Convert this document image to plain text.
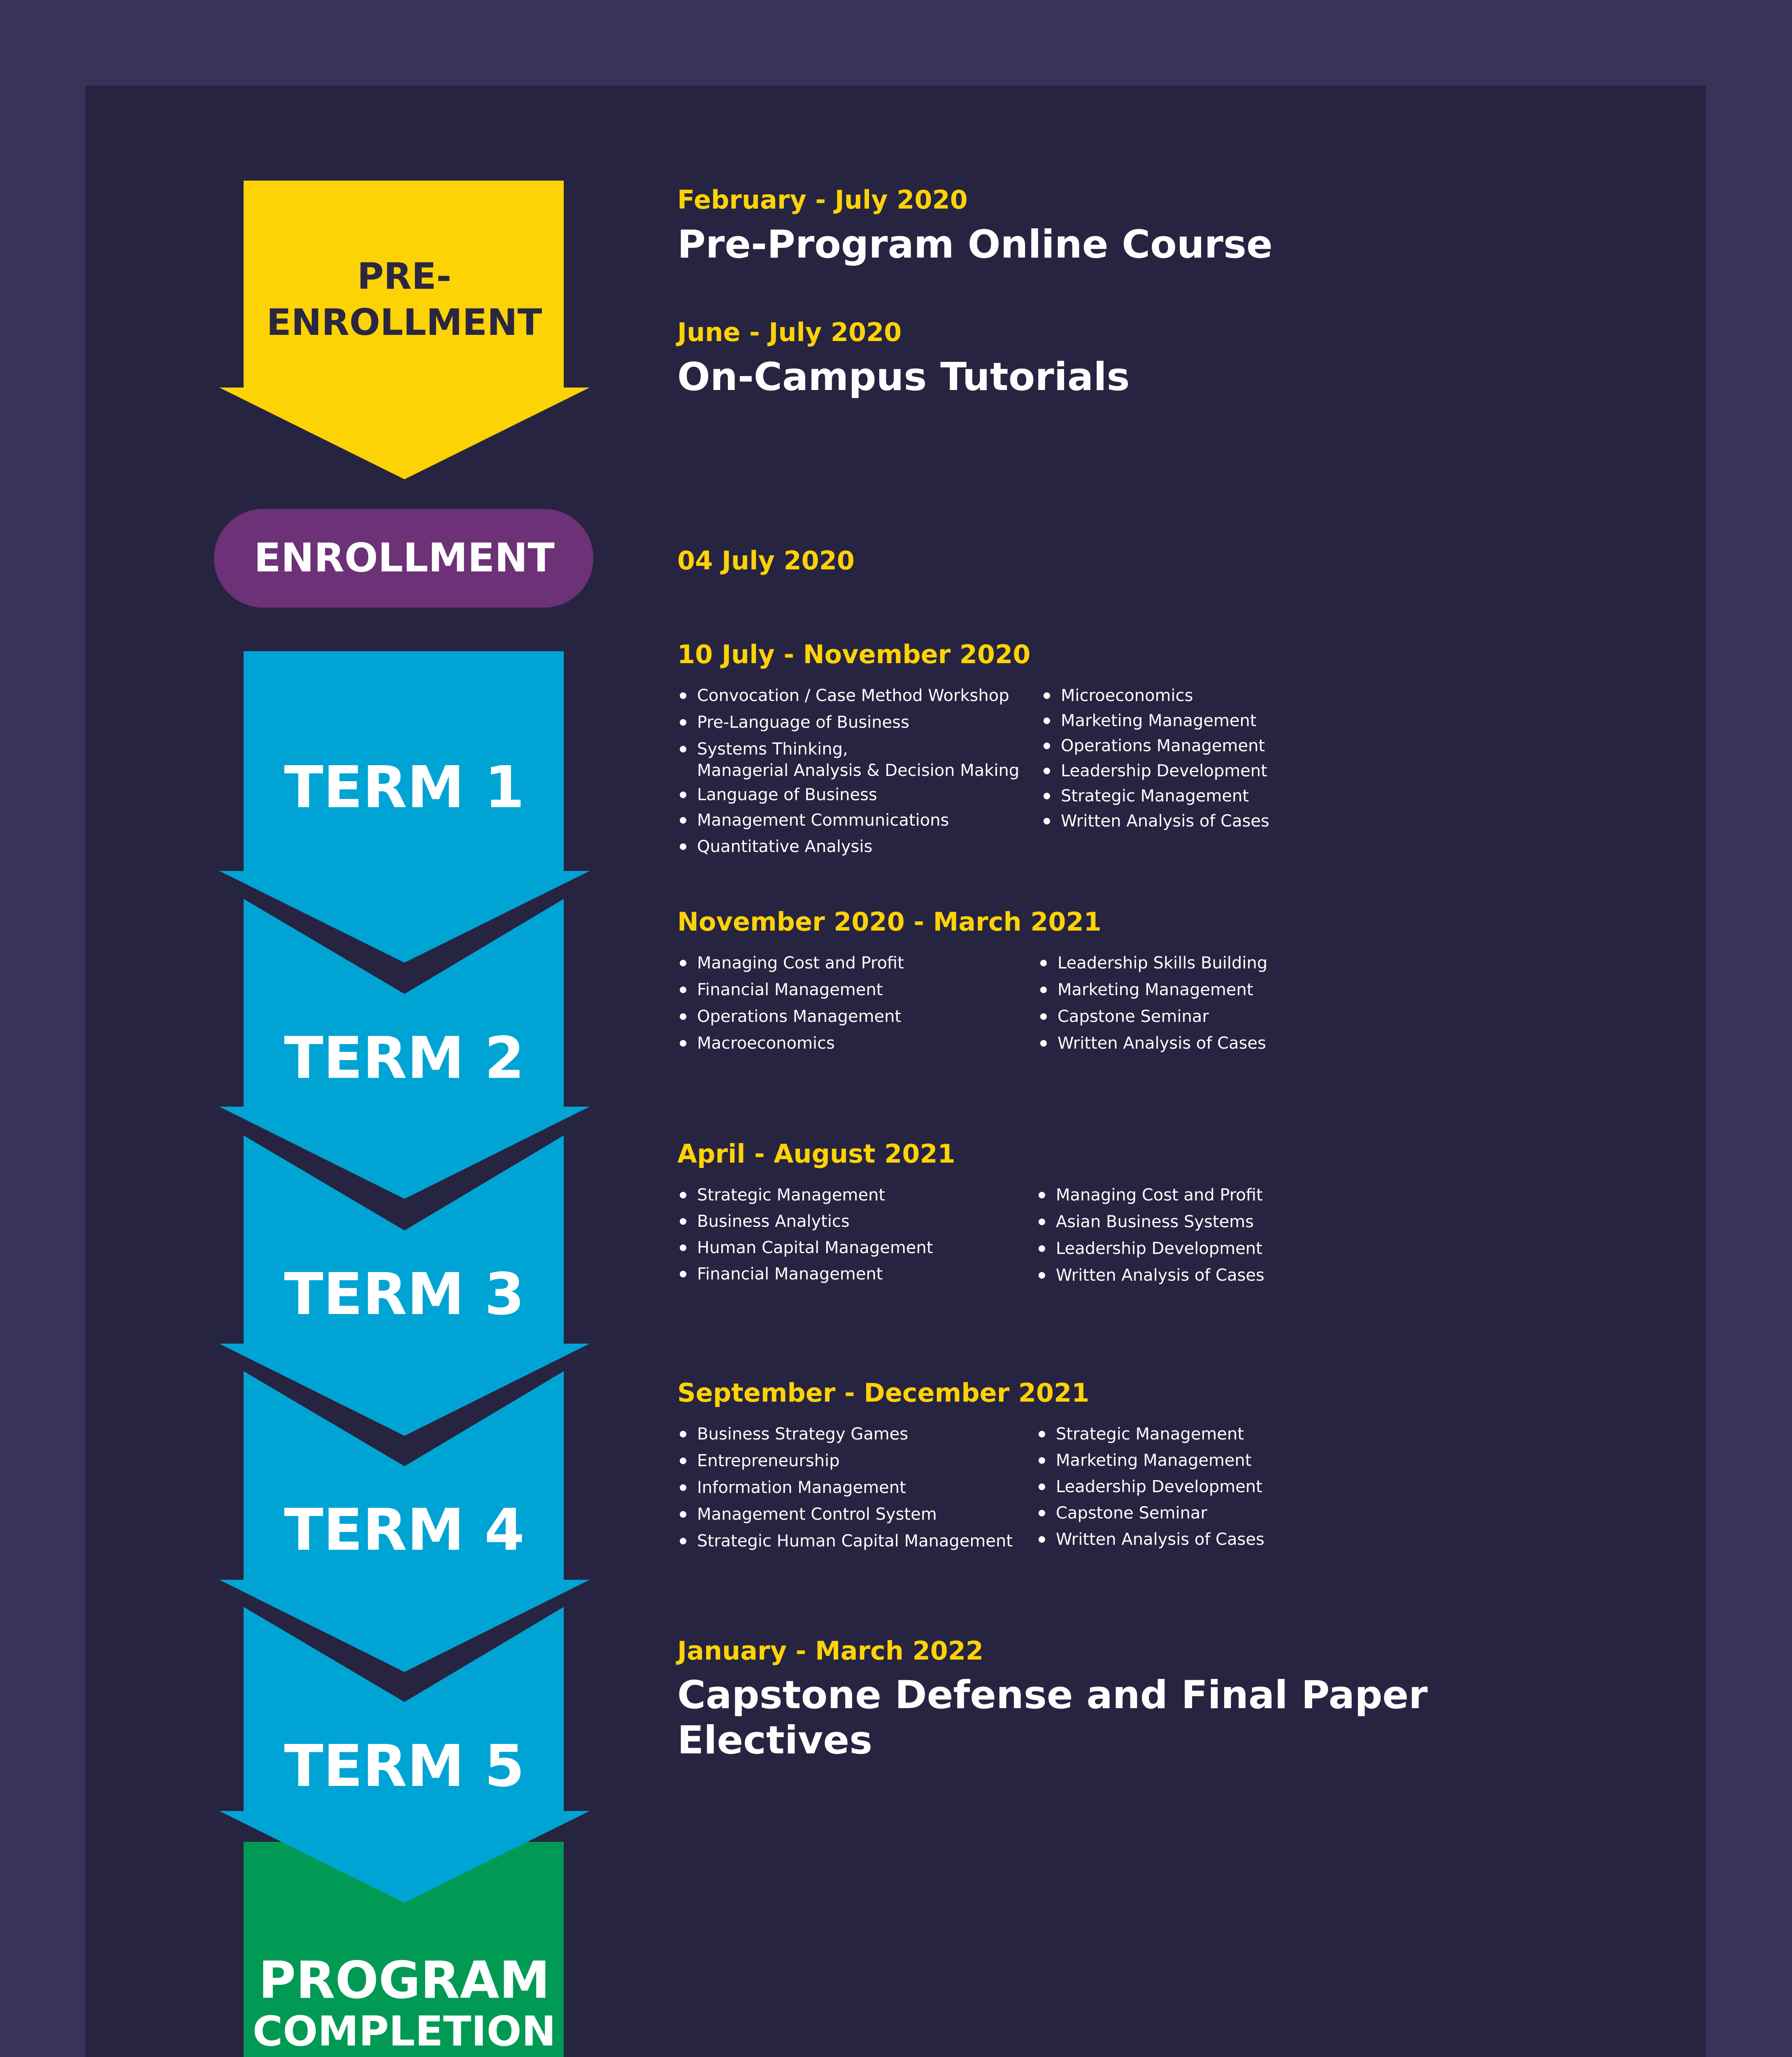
PRE-
ENROLLMENT
ENROLLMENT
TERM 1
TERM 2
TERM 3
TERM 4
TERM 5
PROGRAM
COMPLETION
February - July 2020
Pre-Program Online Course
June - July 2020
On-Campus Tutorials
04 July 2020
10 July - November 2020
Convocation / Case Method Workshop
Pre-Language of Business
Systems Thinking,
Managerial Analysis & Decision Making
Language of Business
Management Communications
Quantitative Analysis
Microeconomics
Marketing Management
Operations Management
Leadership Development
Strategic Management
Written Analysis of Cases
November 2020 - March 2021
Managing Cost and Profit
Financial Management
Operations Management
Macroeconomics
Leadership Skills Building
Marketing Management
Capstone Seminar
Written Analysis of Cases
April - August 2021
Strategic Management
Business Analytics
Human Capital Management
Financial Management
Managing Cost and Profit
Asian Business Systems
Leadership Development
Written Analysis of Cases
September - December 2021
Business Strategy Games
Entrepreneurship
Information Management
Management Control System
Strategic Human Capital Management
Strategic Management
Marketing Management
Leadership Development
Capstone Seminar
Written Analysis of Cases
January - March 2022
Capstone Defense and Final Paper
Electives
